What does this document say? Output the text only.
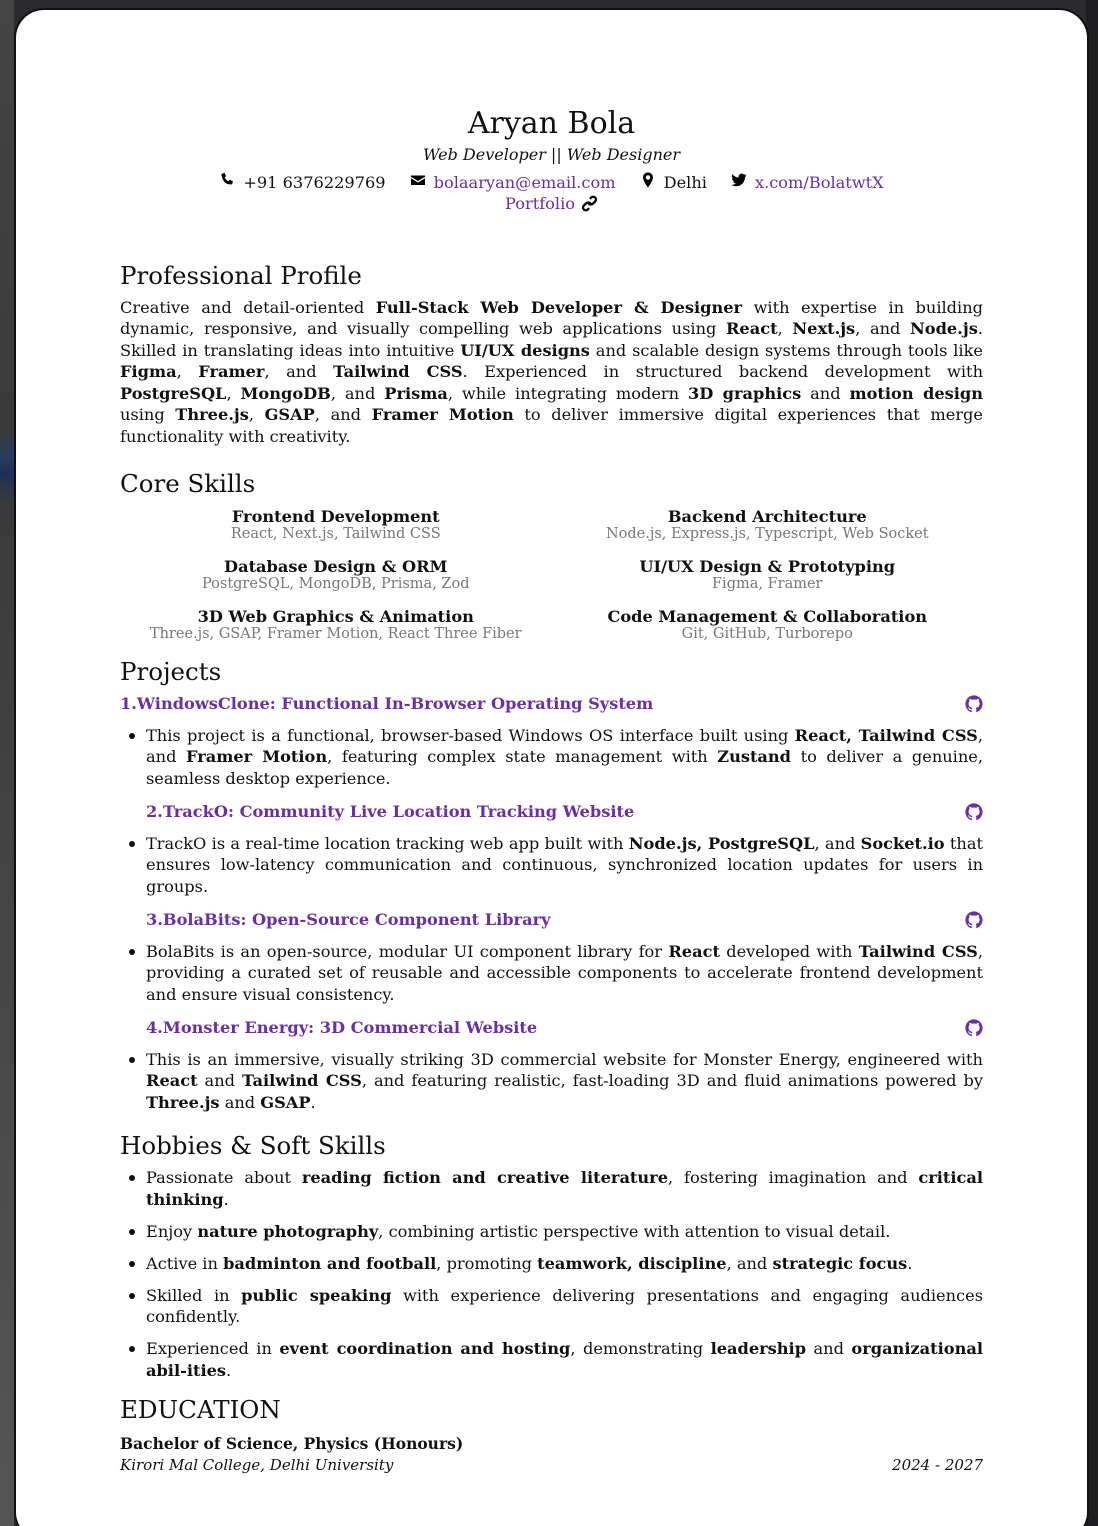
Aryan Bola
Web Developer || Web Designer
+91 6376229769	bolaaryan@email.com	Delhi	x.com/BolatwtX
Portfolio
Professional Profile

Creative and detail-oriented Full-Stack Web Developer & Designer with expertise in building dynamic, responsive, and visually compelling web applications using React, Next.js, and Node.js. Skilled in translating ideas into intuitive UI/UX designs and scalable design systems through tools like Figma, Framer, and Tailwind CSS. Experienced in structured backend development with PostgreSQL, MongoDB, and Prisma, while integrating modern 3D graphics and motion design using Three.js, GSAP, and Framer Motion to deliver immersive digital experiences that merge functionality with creativity.

Core Skills
Frontend Development
React, Next.js, Tailwind CSS
Backend Architecture
Node.js, Express.js, Typescript, Web Socket
Database Design & ORM
PostgreSQL, MongoDB, Prisma, Zod
UI/UX Design & Prototyping
Figma, Framer
3D Web Graphics & Animation
Three.js, GSAP, Framer Motion, React Three Fiber
Code Management & Collaboration
Git, GitHub, Turborepo
Projects
1.WindowsClone: Functional In-Browser Operating System
This project is a functional, browser-based Windows OS interface built using React, Tailwind CSS, and Framer Motion, featuring complex state management with Zustand to deliver a genuine, seamless desktop experience.
2.TrackO: Community Live Location Tracking Website
TrackO is a real-time location tracking web app built with Node.js, PostgreSQL, and Socket.io that ensures low-latency communication and continuous, synchronized location updates for users in groups.
3.BolaBits: Open-Source Component Library
BolaBits is an open-source, modular UI component library for React developed with Tailwind CSS, providing a curated set of reusable and accessible components to accelerate frontend development and ensure visual consistency.
4.Monster Energy: 3D Commercial Website
This is an immersive, visually striking 3D commercial website for Monster Energy, engineered with React and Tailwind CSS, and featuring realistic, fast-loading 3D and fluid animations powered by Three.js and GSAP.
Hobbies & Soft Skills
Passionate about reading fiction and creative literature, fostering imagination and critical thinking.
Enjoy nature photography, combining artistic perspective with attention to visual detail.
Active in badminton and football, promoting teamwork, discipline, and strategic focus.
Skilled in public speaking with experience delivering presentations and engaging audiences confidently.
Experienced in event coordination and hosting, demonstrating leadership and organizational abil-ities.
EDUCATION
Bachelor of Science, Physics (Honours)
Kirori Mal College, Delhi University	2024 - 2027
